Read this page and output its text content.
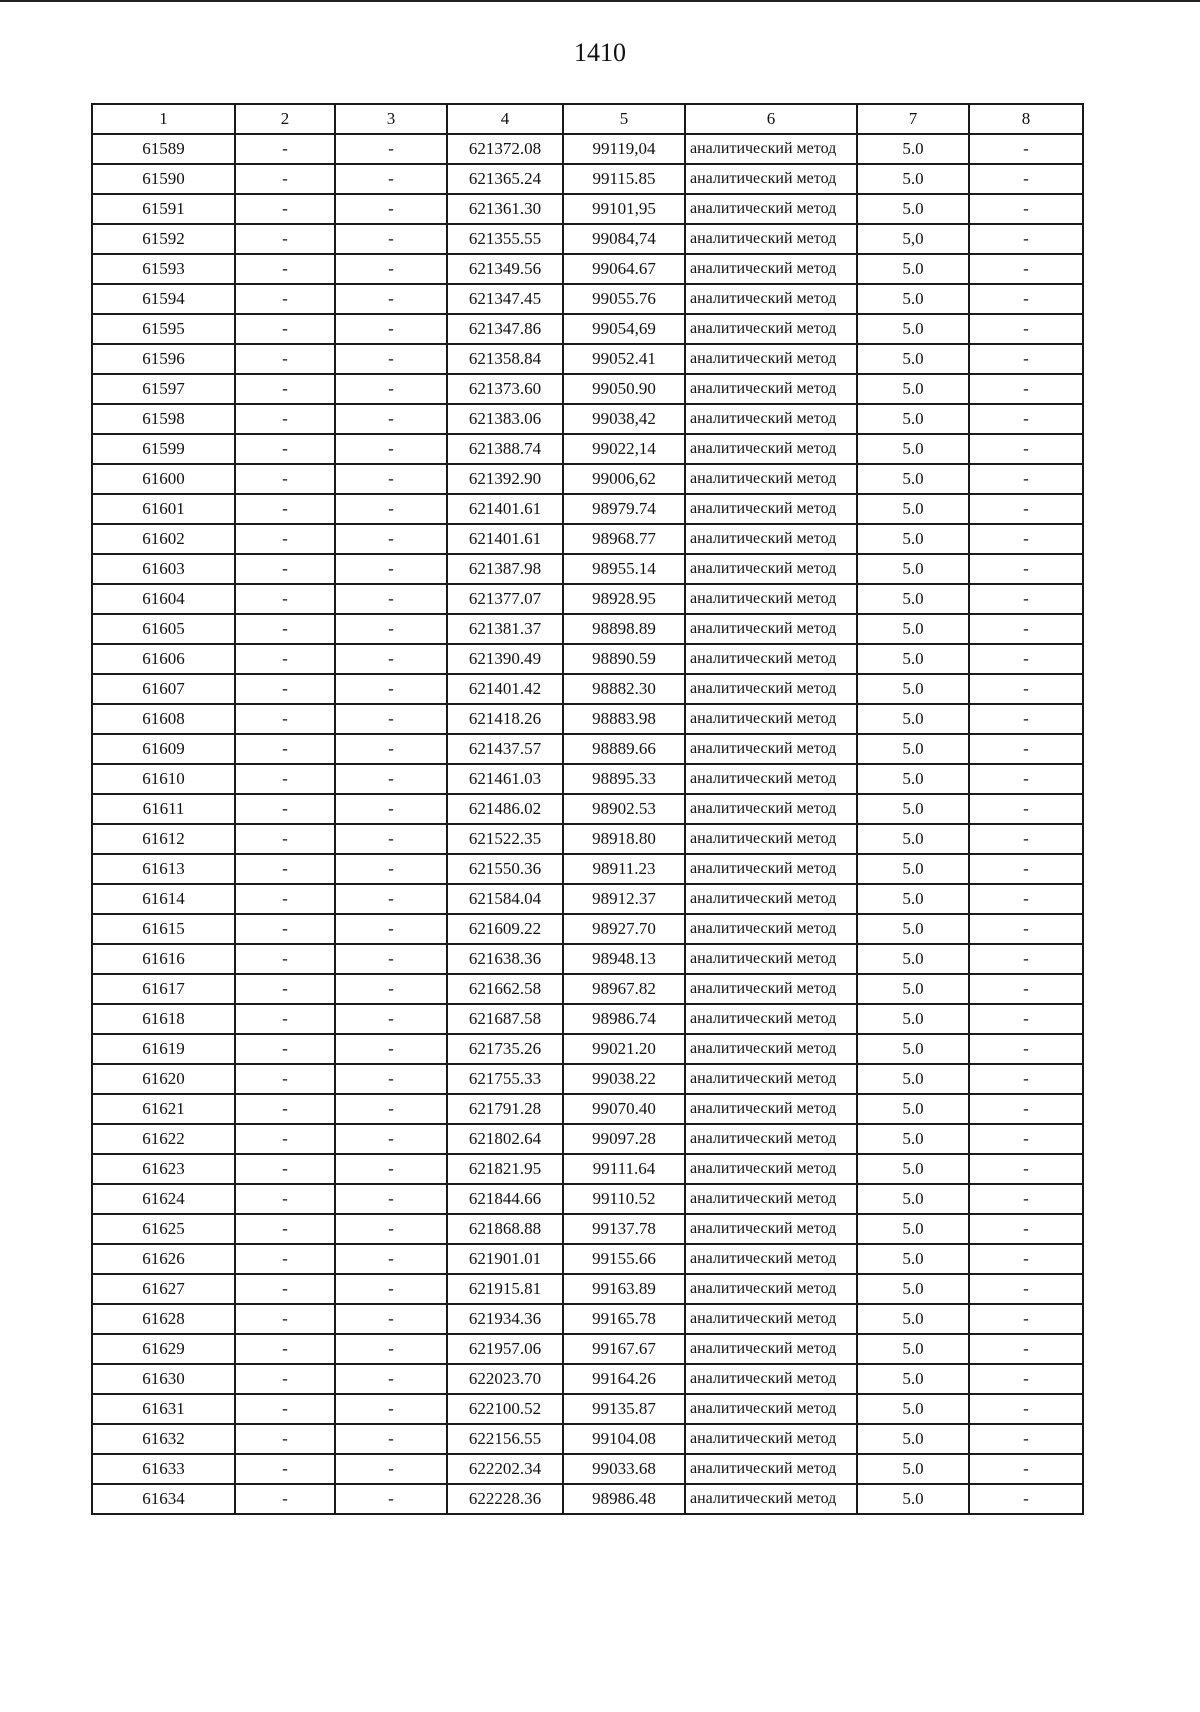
1410
1	2	3	4	5	6	7	8
61589	-	-	621372.08	99119,04	аналитический метод	5.0	-
61590	-	-	621365.24	99115.85	аналитический метод	5.0	-
61591	-	-	621361.30	99101,95	аналитический метод	5.0	-
61592	-	-	621355.55	99084,74	аналитический метод	5,0	-
61593	-	-	621349.56	99064.67	аналитический метод	5.0	-
61594	-	-	621347.45	99055.76	аналитический метод	5.0	-
61595	-	-	621347.86	99054,69	аналитический метод	5.0	-
61596	-	-	621358.84	99052.41	аналитический метод	5.0	-
61597	-	-	621373.60	99050.90	аналитический метод	5.0	-
61598	-	-	621383.06	99038,42	аналитический метод	5.0	-
61599	-	-	621388.74	99022,14	аналитический метод	5.0	-
61600	-	-	621392.90	99006,62	аналитический метод	5.0	-
61601	-	-	621401.61	98979.74	аналитический метод	5.0	-
61602	-	-	621401.61	98968.77	аналитический метод	5.0	-
61603	-	-	621387.98	98955.14	аналитический метод	5.0	-
61604	-	-	621377.07	98928.95	аналитический метод	5.0	-
61605	-	-	621381.37	98898.89	аналитический метод	5.0	-
61606	-	-	621390.49	98890.59	аналитический метод	5.0	-
61607	-	-	621401.42	98882.30	аналитический метод	5.0	-
61608	-	-	621418.26	98883.98	аналитический метод	5.0	-
61609	-	-	621437.57	98889.66	аналитический метод	5.0	-
61610	-	-	621461.03	98895.33	аналитический метод	5.0	-
61611	-	-	621486.02	98902.53	аналитический метод	5.0	-
61612	-	-	621522.35	98918.80	аналитический метод	5.0	-
61613	-	-	621550.36	98911.23	аналитический метод	5.0	-
61614	-	-	621584.04	98912.37	аналитический метод	5.0	-
61615	-	-	621609.22	98927.70	аналитический метод	5.0	-
61616	-	-	621638.36	98948.13	аналитический метод	5.0	-
61617	-	-	621662.58	98967.82	аналитический метод	5.0	-
61618	-	-	621687.58	98986.74	аналитический метод	5.0	-
61619	-	-	621735.26	99021.20	аналитический метод	5.0	-
61620	-	-	621755.33	99038.22	аналитический метод	5.0	-
61621	-	-	621791.28	99070.40	аналитический метод	5.0	-
61622	-	-	621802.64	99097.28	аналитический метод	5.0	-
61623	-	-	621821.95	99111.64	аналитический метод	5.0	-
61624	-	-	621844.66	99110.52	аналитический метод	5.0	-
61625	-	-	621868.88	99137.78	аналитический метод	5.0	-
61626	-	-	621901.01	99155.66	аналитический метод	5.0	-
61627	-	-	621915.81	99163.89	аналитический метод	5.0	-
61628	-	-	621934.36	99165.78	аналитический метод	5.0	-
61629	-	-	621957.06	99167.67	аналитический метод	5.0	-
61630	-	-	622023.70	99164.26	аналитический метод	5.0	-
61631	-	-	622100.52	99135.87	аналитический метод	5.0	-
61632	-	-	622156.55	99104.08	аналитический метод	5.0	-
61633	-	-	622202.34	99033.68	аналитический метод	5.0	-
61634	-	-	622228.36	98986.48	аналитический метод	5.0	-
